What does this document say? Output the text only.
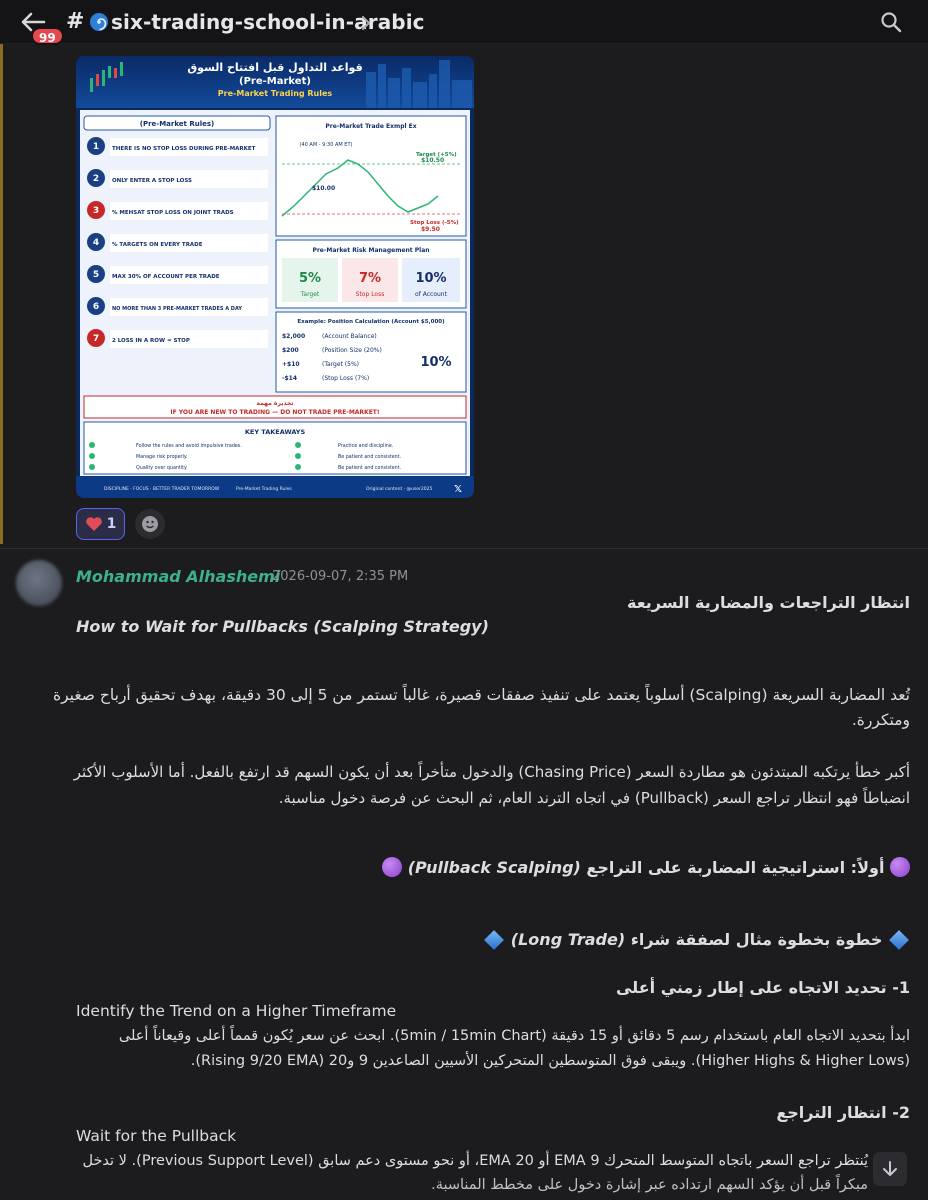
99
# six-trading-school-in-arabic
قواعد التداول قبل افتتاح السوق
(Pre-Market)
Pre-Market Trading Rules
(Pre-Market Rules)
1 THERE IS NO STOP LOSS DURING PRE-MARKET
2 ONLY ENTER A STOP LOSS
3 % MEHSAT STOP LOSS ON JOINT TRADS
4 % TARGETS ON EVERY TRADE
5 MAX 30% OF ACCOUNT PER TRADE
6	NO MORE THAN 3 PRE-MARKET TRADES A DAY
7 2 LOSS IN A ROW = STOP
Pre-Market Trade Exmpl Ex
(40 AM - 9:30 AM ET)
Target (+5%)
$10.50
$10.00
Stop Loss (-5%)
$9.50
Pre-Market Risk Management Plan
5%
Target
7%
Stop Loss
10%
of Account
Example: Position Calculation (Account $5,000)
$2,000	(Account Balance)
$200	(Position Size (20%)
+$10	(Target (5%)
-$14	(Stop Loss (7%)
10%
تحذيرة مهمة
IF YOU ARE NEW TO TRADING — DO NOT TRADE PRE-MARKET!
KEY TAKEAWAYS
Follow the rules and avoid impulsive trades.
Manage risk properly.
Quality over quantity.
Practice and discipline.
Be patient and consistent.
Be patient and consistent.
DISCIPLINE · FOCUS · BETTER TRADER TOMORROW	Pre-Market Trading Rules	Original content · @user2025 𝕏
1
Mohammad Alhashemi
2026-09-07, 2:35 PM
انتظار التراجعات والمضارية السريعة
How to Wait for Pullbacks (Scalping Strategy)
تُعد المضاربة السريعة (Scalping) أسلوباً يعتمد على تنفيذ صفقات قصيرة، غالباً تستمر من 5 إلى 30 دقيقة، بهدف تحقيق أرباح صغيرة
ومتكررة.
أكبر خطأ يرتكبه المبتدئون هو مطاردة السعر (Chasing Price) والدخول متأخراً بعد أن يكون السهم قد ارتفع بالفعل. أما الأسلوب الأكثر
انضباطاً فهو انتظار تراجع السعر (Pullback) في اتجاه الترند العام، ثم البحث عن فرصة دخول مناسبة.
أولاً: استراتيجية المضاربة على التراجع (Pullback Scalping)
خطوة بخطوة مثال لصفقة شراء (Long Trade)
1- تحديد الاتجاه على إطار زمني أعلى
Identify the Trend on a Higher Timeframe
ابدأ بتحديد الاتجاه العام باستخدام رسم 5 دقائق أو 15 دقيقة (5min / 15min Chart). ابحث عن سعر يُكون قمماً أعلى وقيعاناً أعلى
(Higher Highs & Higher Lows). ويبقى فوق المتوسطين المتحركين الأسيين الصاعدين 9 و20 (Rising 9/20 EMA).
2- انتظار التراجع
Wait for the Pullback
يُنتظر تراجع السعر باتجاه المتوسط المتحرك 9 EMA أو EMA 20، أو نحو مستوى دعم سابق (Previous Support Level). لا تدخل
مبكراً قبل أن يؤكد السهم ارتداده عبر إشارة دخول على مخطط المناسبة.
